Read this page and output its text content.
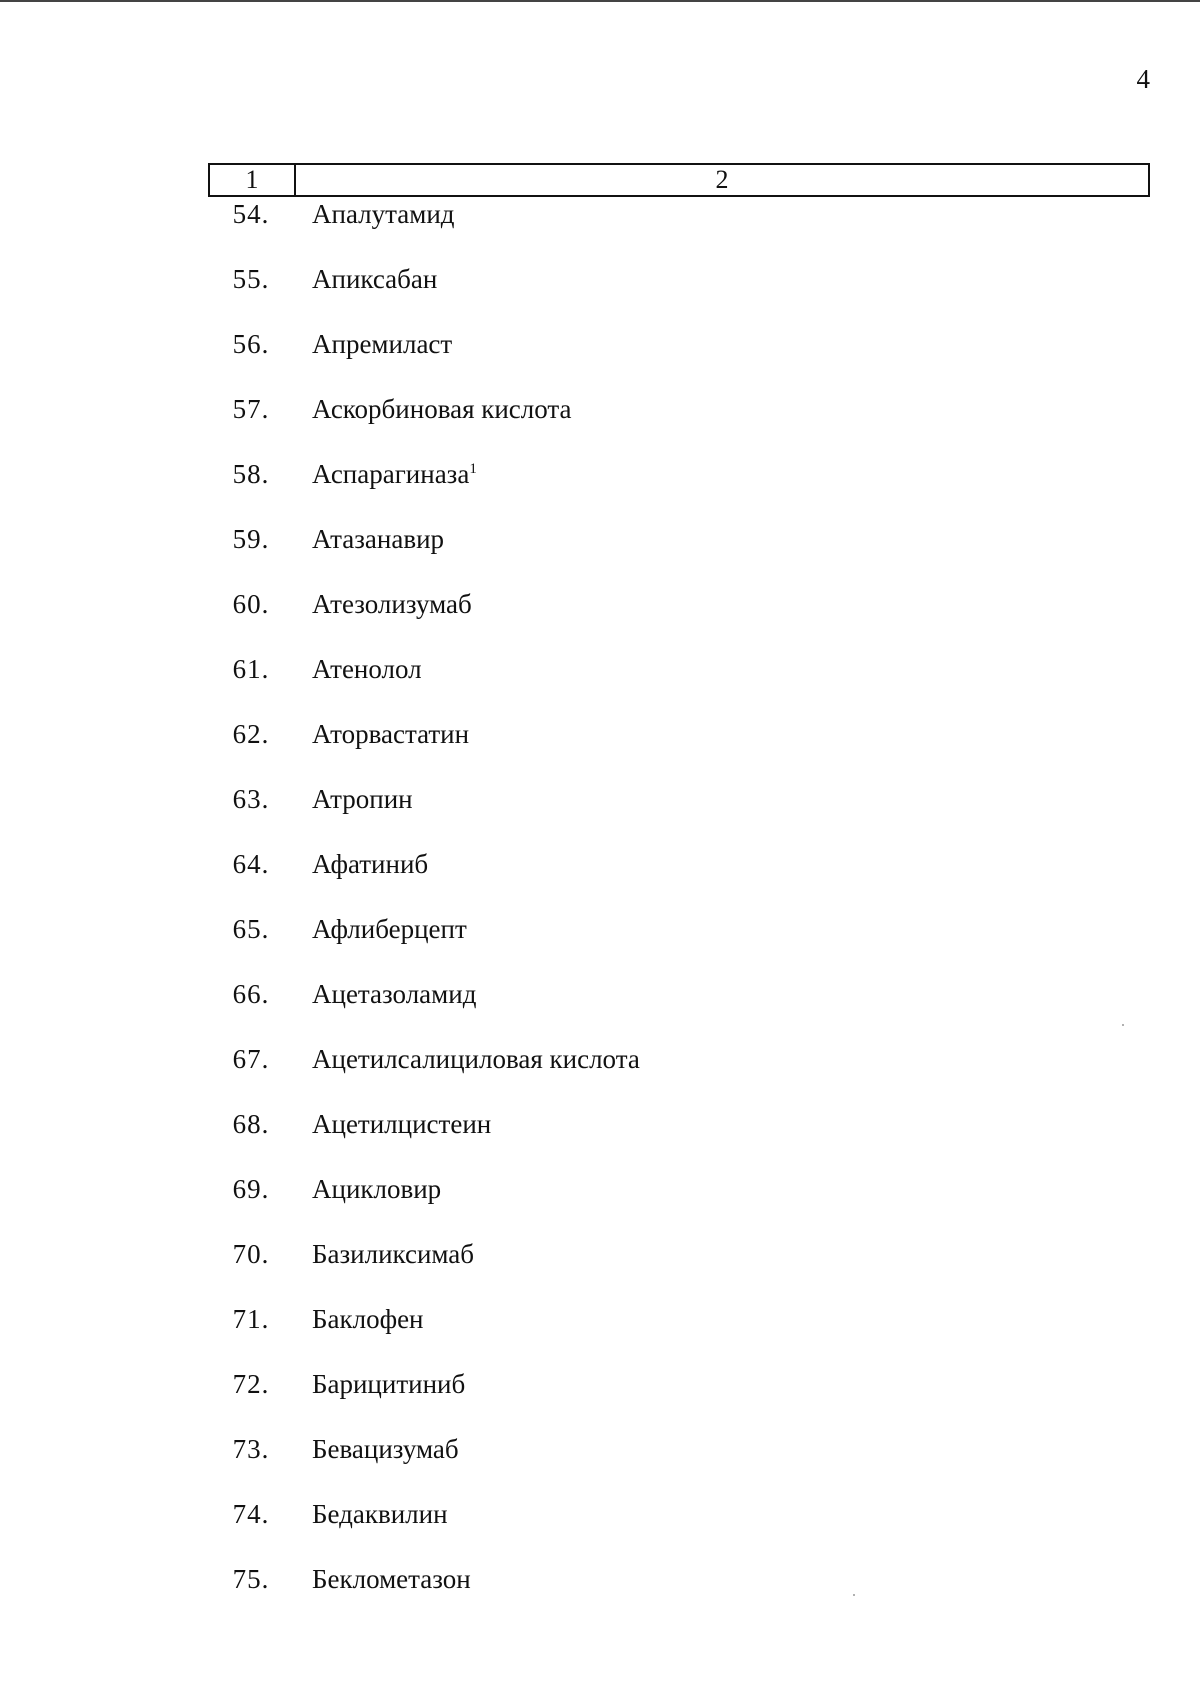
4
1	2
54.	Апалутамид
55.	Апиксабан
56.	Апремиласт
57.	Аскорбиновая кислота
58.	Аспарагиназа$^1$
59.	Атазанавир
60.	Атезолизумаб
61.	Атенолол
62.	Аторвастатин
63.	Атропин
64.	Афатиниб
65.	Афлиберцепт
66.	Ацетазоламид
67.	Ацетилсалициловая кислота
68.	Ацетилцистеин
69.	Ацикловир
70.	Базиликсимаб
71.	Баклофен
72.	Барицитиниб
73.	Бевацизумаб
74.	Бедаквилин
75.	Беклометазон
